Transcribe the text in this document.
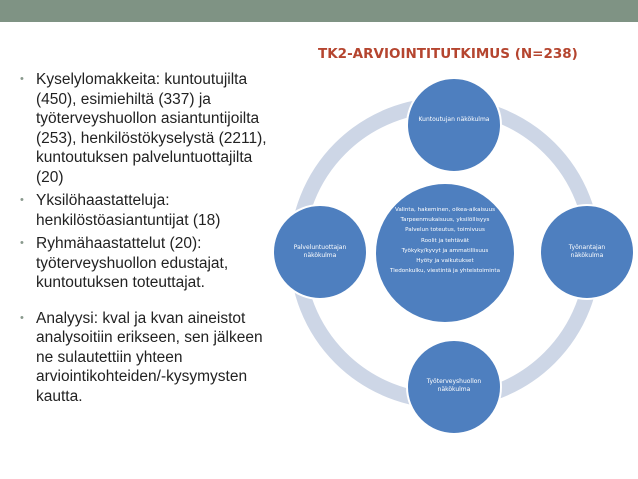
TK2-ARVIOINTITUTKIMUS (N=238)
• Kyselylomakkeita: kuntoutujilta (450), esimiehiltä (337) ja työterveyshuollon asiantuntijoilta (253), henkilöstökyselystä (2211), kuntoutuksen palveluntuottajilta (20)
• Yksilöhaastatteluja: henkilöstöasiantuntijat (18)
• Ryhmähaastattelut (20): työterveyshuollon edustajat, kuntoutuksen toteuttajat.
• Analyysi: kval ja kvan aineistot analysoitiin erikseen, sen jälkeen ne sulautettiin yhteen arviointikohteiden/-kysymysten kautta.
Kuntoutujan näkökulma
Työnantajan näkökulma
Työterveyshuollon näkökulma
Palveluntuottajan näkökulma
Valinta, hakeminen, oikea-aikaisuus
Tarpeenmukaisuus, yksilöllisyys
Palvelun toteutus, toimivuus
Roolit ja tehtävät
Työkyky/kyvyt ja ammatillisuus
Hyöty ja vaikutukset
Tiedonkulku, viestintä ja yhteistoiminta
